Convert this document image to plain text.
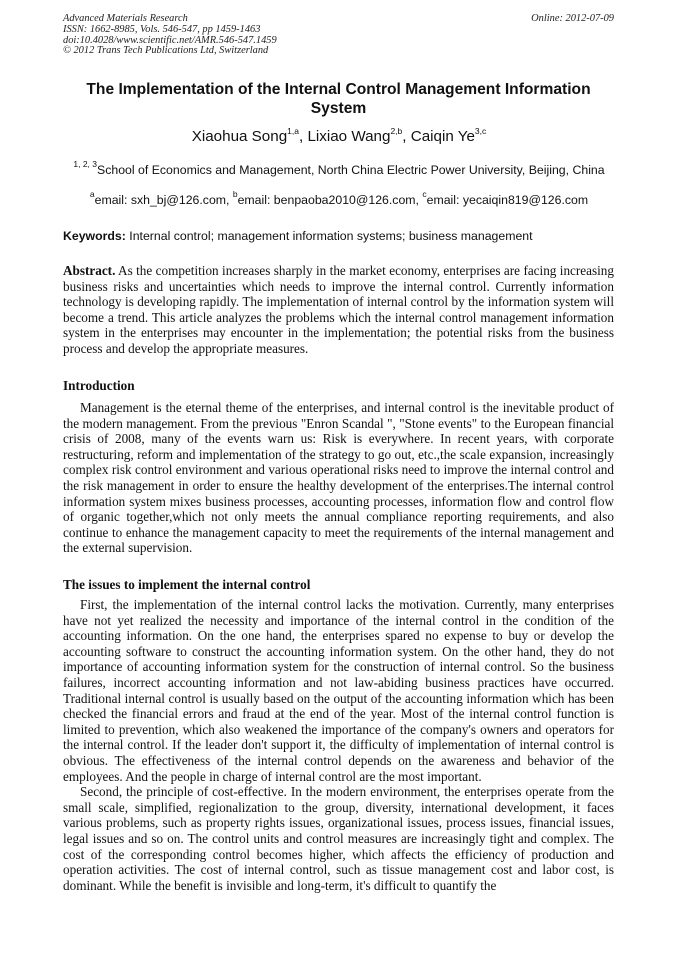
Advanced Materials Research
ISSN: 1662-8985, Vols. 546-547, pp 1459-1463
doi:10.4028/www.scientific.net/AMR.546-547.1459
© 2012 Trans Tech Publications Ltd, Switzerland
Online: 2012-07-09
The Implementation of the Internal Control Management Information System
Xiaohua Song$^{1,a}$, Lixiao Wang$^{2,b}$, Caiqin Ye$^{3,c}$
$^{1, 2, 3}$School of Economics and Management, North China Electric Power University, Beijing, China
$^a$email: sxh_bj@126.com, $^b$email: benpaoba2010@126.com, $^c$email: yecaiqin819@126.com
Keywords: Internal control; management information systems; business management
Abstract. As the competition increases sharply in the market economy, enterprises are facing increasing business risks and uncertainties which needs to improve the internal control. Currently information technology is developing rapidly. The implementation of internal control by the information system will become a trend. This article analyzes the problems which the internal control management information system in the enterprises may encounter in the implementation; the potential risks from the business process and develop the appropriate measures.
Introduction

Management is the eternal theme of the enterprises, and internal control is the inevitable product of the modern management. From the previous "Enron Scandal ", "Stone events" to the European financial crisis of 2008, many of the events warn us: Risk is everywhere. In recent years, with corporate restructuring, reform and implementation of the strategy to go out, etc.,the scale expansion, increasingly complex risk control environment and various operational risks need to improve the internal control and the risk management in order to ensure the healthy development of the enterprises.The internal control information system mixes business processes, accounting processes, information flow and control flow of organic together,which not only meets the annual compliance reporting requirements, and also continue to enhance the management capacity to meet the requirements of the internal management and the external supervision.

The issues to implement the internal control

First, the implementation of the internal control lacks the motivation. Currently, many enterprises have not yet realized the necessity and importance of the internal control in the condition of the accounting information. On the one hand, the enterprises spared no expense to buy or develop the accounting software to construct the accounting information system. On the other hand, they do not importance of accounting information system for the construction of internal control. So the business failures, incorrect accounting information and not law-abiding business practices have occurred. Traditional internal control is usually based on the output of the accounting information which has been checked the financial errors and fraud at the end of the year. Most of the internal control function is limited to prevention, which also weakened the importance of the company's owners and operators for the internal control. If the leader don't support it, the difficulty of implementation of internal control is obvious. The effectiveness of the internal control depends on the awareness and behavior of the employees. And the people in charge of internal control are the most important.

Second, the principle of cost-effective. In the modern environment, the enterprises operate from the small scale, simplified, regionalization to the group, diversity, international development, it faces various problems, such as property rights issues, organizational issues, process issues, financial issues, legal issues and so on. The control units and control measures are increasingly tight and complex. The cost of the corresponding control becomes higher, which affects the efficiency of production and operation activities. The cost of internal control, such as tissue management cost and labor cost, is dominant. While the benefit is invisible and long-term, it's difficult to quantify the
